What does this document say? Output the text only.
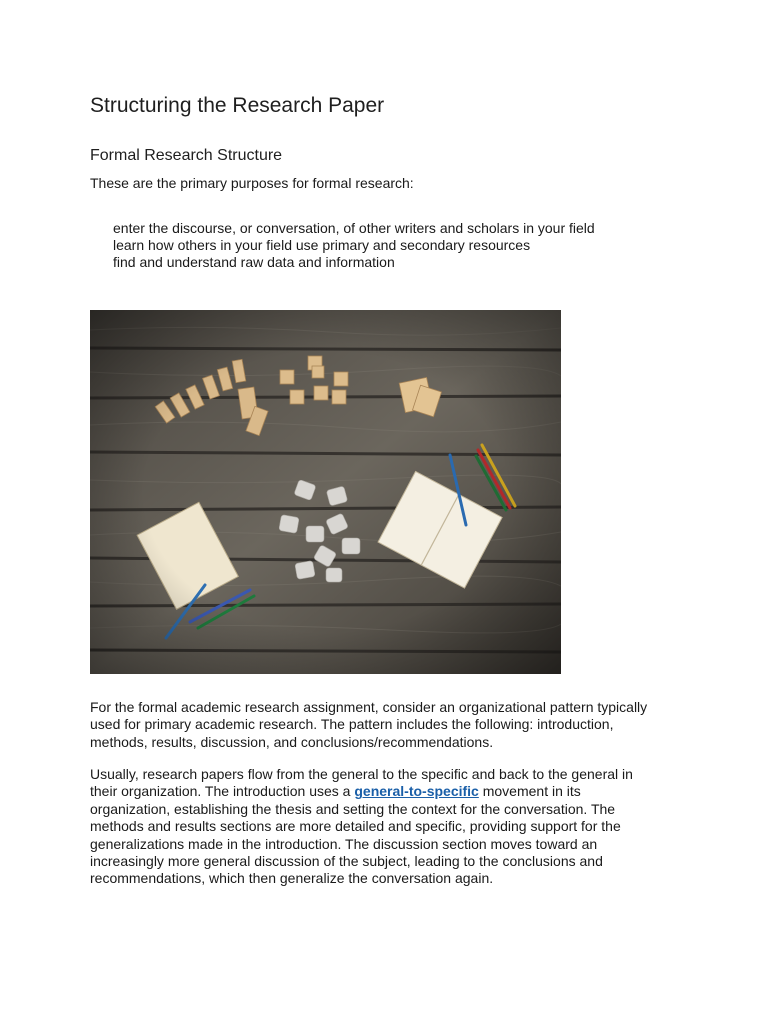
Structuring the Research Paper
Formal Research Structure

These are the primary purposes for formal research:

enter the discourse, or conversation, of other writers and scholars in your field
learn how others in your field use primary and secondary resources
find and understand raw data and information

For the formal academic research assignment, consider an organizational pattern typically
used for primary academic research. The pattern includes the following: introduction,
methods, results, discussion, and conclusions/recommendations.

Usually, research papers flow from the general to the specific and back to the general in
their organization. The introduction uses a general-to-specific movement in its
organization, establishing the thesis and setting the context for the conversation. The
methods and results sections are more detailed and specific, providing support for the
generalizations made in the introduction. The discussion section moves toward an
increasingly more general discussion of the subject, leading to the conclusions and
recommendations, which then generalize the conversation again.
